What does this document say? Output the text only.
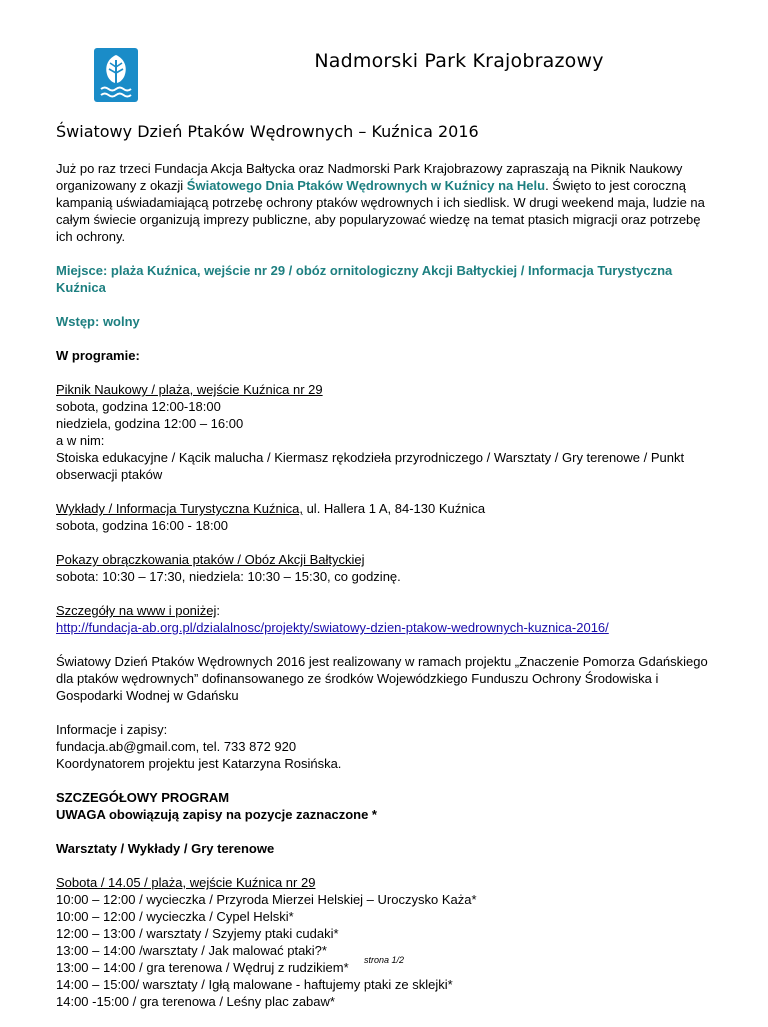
Nadmorski Park Krajobrazowy
Światowy Dzień Ptaków Wędrownych – Kuźnica 2016

Już po raz trzeci Fundacja Akcja Bałtycka oraz Nadmorski Park Krajobrazowy zapraszają na Piknik Naukowy organizowany z okazji Światowego Dnia Ptaków Wędrownych w Kuźnicy na Helu. Święto to jest coroczną kampanią uświadamiającą potrzebę ochrony ptaków wędrownych i ich siedlisk. W drugi weekend maja, ludzie na całym świecie organizują imprezy publiczne, aby popularyzować wiedzę na temat ptasich migracji oraz potrzebę ich ochrony.

Miejsce: plaża Kuźnica, wejście nr 29 / obóz ornitologiczny Akcji Bałtyckiej / Informacja Turystyczna Kuźnica

Wstęp: wolny

W programie:

Piknik Naukowy / plaża, wejście Kuźnica nr 29
sobota, godzina 12:00-18:00
niedziela, godzina 12:00 – 16:00
a w nim:
Stoiska edukacyjne / Kącik malucha / Kiermasz rękodzieła przyrodniczego / Warsztaty / Gry terenowe / Punkt obserwacji ptaków

Wykłady / Informacja Turystyczna Kuźnica, ul. Hallera 1 A, 84-130 Kuźnica
sobota, godzina 16:00 - 18:00

Pokazy obrączkowania ptaków / Obóz Akcji Bałtyckiej
sobota: 10:30 – 17:30, niedziela: 10:30 – 15:30, co godzinę.

Szczegóły na www i poniżej:
http://fundacja-ab.org.pl/dzialalnosc/projekty/swiatowy-dzien-ptakow-wedrownych-kuznica-2016/

Światowy Dzień Ptaków Wędrownych 2016 jest realizowany w ramach projektu „Znaczenie Pomorza Gdańskiego dla ptaków wędrownych” dofinansowanego ze środków Wojewódzkiego Funduszu Ochrony Środowiska i Gospodarki Wodnej w Gdańsku

Informacje i zapisy:
fundacja.ab@gmail.com, tel. 733 872 920
Koordynatorem projektu jest Katarzyna Rosińska.

SZCZEGÓŁOWY PROGRAM
UWAGA obowiązują zapisy na pozycje zaznaczone *

Warsztaty / Wykłady / Gry terenowe

Sobota / 14.05 / plaża, wejście Kuźnica nr 29
10:00 – 12:00 / wycieczka / Przyroda Mierzei Helskiej – Uroczysko Każa*
10:00 – 12:00 / wycieczka / Cypel Helski*
12:00 – 13:00 / warsztaty / Szyjemy ptaki cudaki*
13:00 – 14:00 /warsztaty / Jak malować ptaki?*
13:00 – 14:00 / gra terenowa / Wędruj z rudzikiem*
14:00 – 15:00/ warsztaty / Igłą malowane - haftujemy ptaki ze sklejki*
14:00 -15:00 / gra terenowa / Leśny plac zabaw*

strona 1/2
